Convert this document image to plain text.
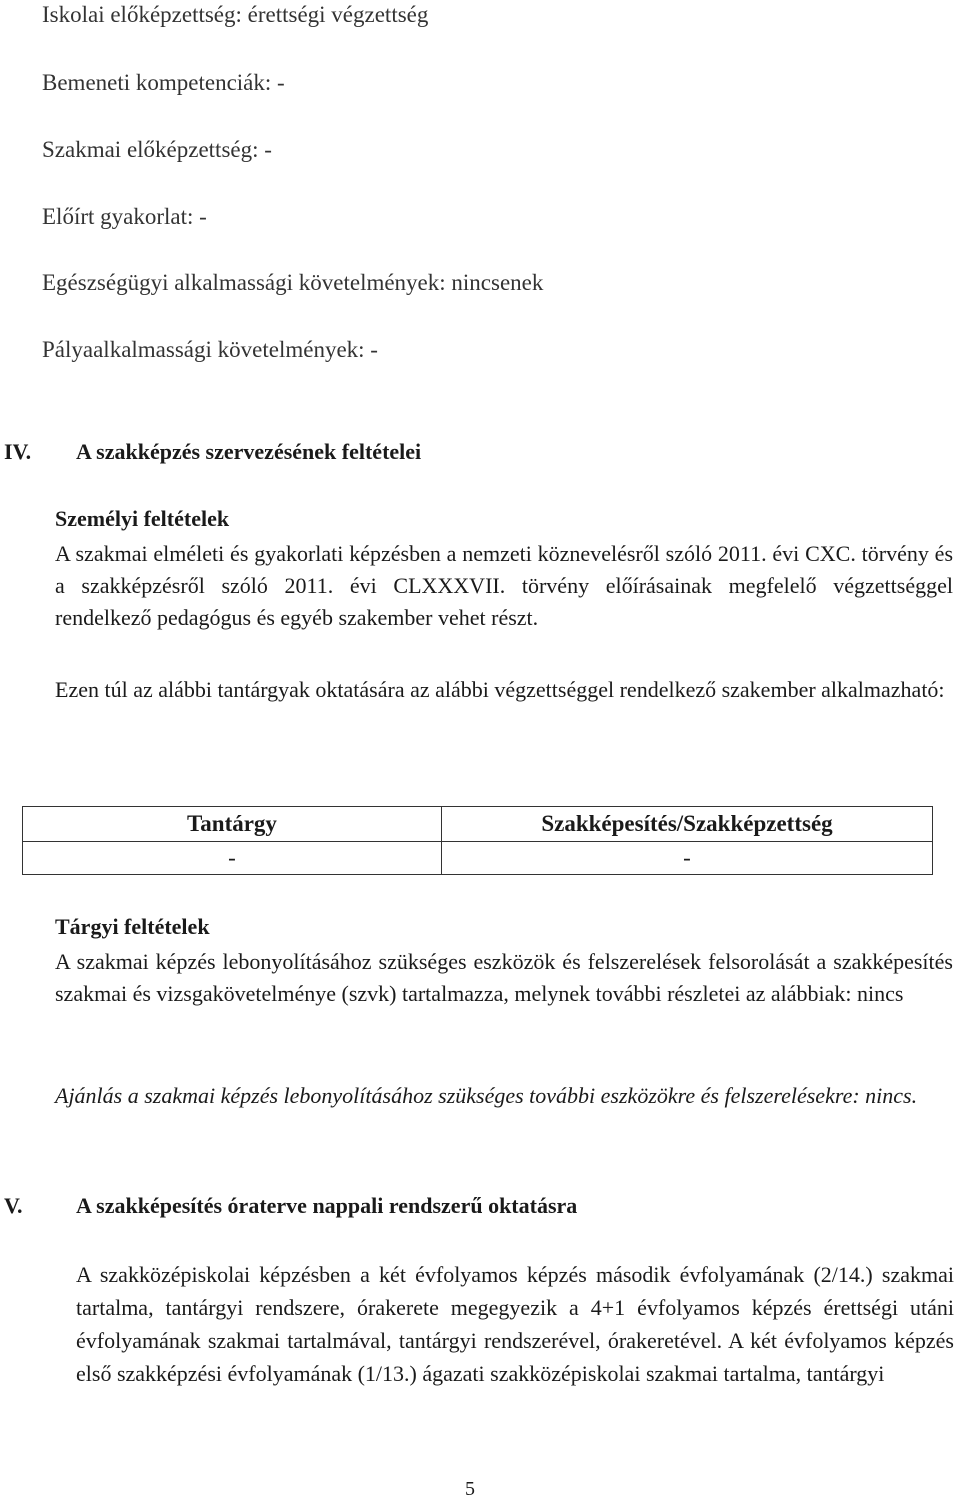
Iskolai előképzettség: érettségi végzettség
Bemeneti kompetenciák: -
Szakmai előképzettség: -
Előírt gyakorlat: -
Egészségügyi alkalmassági követelmények: nincsenek
Pályaalkalmassági követelmények: -
IV. A szakképzés szervezésének feltételei
Személyi feltételek
A szakmai elméleti és gyakorlati képzésben a nemzeti köznevelésről szóló 2011. évi CXC. törvény és a szakképzésről szóló 2011. évi CLXXXVII. törvény előírásainak megfelelő végzettséggel rendelkező pedagógus és egyéb szakember vehet részt.
Ezen túl az alábbi tantárgyak oktatására az alábbi végzettséggel rendelkező szakember alkalmazható:
Tantárgy	Szakképesítés/Szakképzettség
-	-
Tárgyi feltételek
A szakmai képzés lebonyolításához szükséges eszközök és felszerelések felsorolását a szakképesítés szakmai és vizsgakövetelménye (szvk) tartalmazza, melynek további részletei az alábbiak: nincs
Ajánlás a szakmai képzés lebonyolításához szükséges további eszközökre és felszerelésekre: nincs.
V. A szakképesítés óraterve nappali rendszerű oktatásra
A szakközépiskolai képzésben a két évfolyamos képzés második évfolyamának (2/14.) szakmai tartalma, tantárgyi rendszere, órakerete megegyezik a 4+1 évfolyamos képzés érettségi utáni évfolyamának szakmai tartalmával, tantárgyi rendszerével, órakeretével. A két évfolyamos képzés első szakképzési évfolyamának (1/13.) ágazati szakközépiskolai szakmai tartalma, tantárgyi
5
